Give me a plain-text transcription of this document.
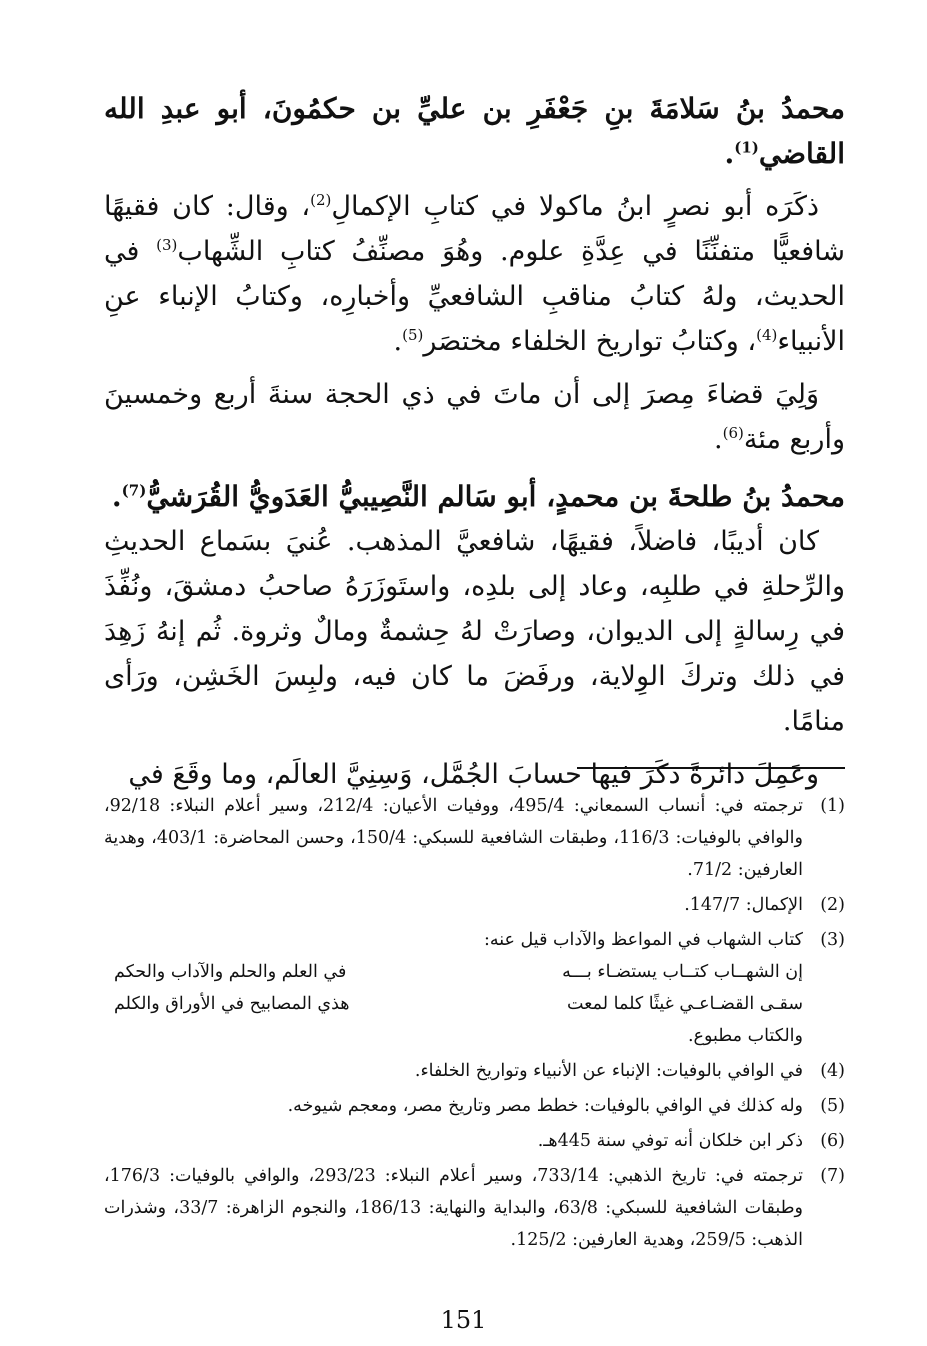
محمدُ بنُ سَلامَةَ بنِ جَعْفَرِ بن عليِّ بن حكمُونَ، أبو عبدِ الله القاضي$^{(1)}$.

ذكَرَه أبو نصرٍ ابنُ ماكولا في كتابِ الإكمالِ$^{(2)}$، وقال: كان فقيهًا شافعيًّا متفنِّنًا في عِدَّةِ علوم. وهُوَ مصنِّفُ كتابِ الشِّهاب$^{(3)}$ في الحديث، ولهُ كتابُ مناقبِ الشافعيِّ وأخبارِه، وكتابُ الإنباء عنِ الأنبياء$^{(4)}$، وكتابُ تواريخ الخلفاء مختصَر$^{(5)}$.

وَلِيَ قضاءَ مِصرَ إلى أن ماتَ في ذي الحجة سنةَ أربع وخمسينَ وأربع مئة$^{(6)}$.

محمدُ بنُ طلحةَ بن محمدٍ، أبو سَالم النَّصِيبيُّ العَدَويُّ القُرَشيُّ$^{(7)}$.

كان أديبًا، فاضلاً، فقيهًا، شافعيَّ المذهب. عُنيَ بسَماع الحديثِ والرِّحلةِ في طلبِه، وعاد إلى بلدِه، واستَوزَرَهُ صاحبُ دمشقَ، ونُفِّذَ في رِسالةٍ إلى الديوان، وصارَتْ لهُ حِشمةٌ ومالٌ وثروة. ثُم إنهُ زَهِدَ في ذلك وتركَ الوِلاية، ورفَضَ ما كان فيه، ولبِسَ الخَشِن، ورَأى منامًا.

وعَمِلَ دائرةً ذكَرَ فيها حسابَ الجُمَّل، وَسِنِيَّ العالَم، وما وقَعَ في

(1)
ترجمته في: أنساب السمعاني: 495/4، ووفيات الأعيان: 212/4، وسير أعلام النبلاء: 92/18، والوافي بالوفيات: 116/3، وطبقات الشافعية للسبكي: 150/4، وحسن المحاضرة: 403/1، وهدية العارفين: 71/2.
(2)
الإكمال: 147/7.
(3)
كتاب الشهاب في المواعظ والآداب قيل عنه:
إن الشهــاب كتــاب يستضـاء بـــه
في العلم والحلم والآداب والحكم
سقـى القضـاعـي غيثًا كلما لمعت
هذي المصابيح في الأوراق والكلم
والكتاب مطبوع.
(4)
في الوافي بالوفيات: الإنباء عن الأنبياء وتواريخ الخلفاء.
(5)
وله كذلك في الوافي بالوفيات: خطط مصر وتاريخ مصر، ومعجم شيوخه.
(6)
ذكر ابن خلكان أنه توفي سنة 445هـ.
(7)
ترجمته في: تاريخ الذهبي: 733/14، وسير أعلام النبلاء: 293/23، والوافي بالوفيات: 176/3، وطبقات الشافعية للسبكي: 63/8، والبداية والنهاية: 186/13، والنجوم الزاهرة: 33/7، وشذرات الذهب: 259/5، وهدية العارفين: 125/2.
151
